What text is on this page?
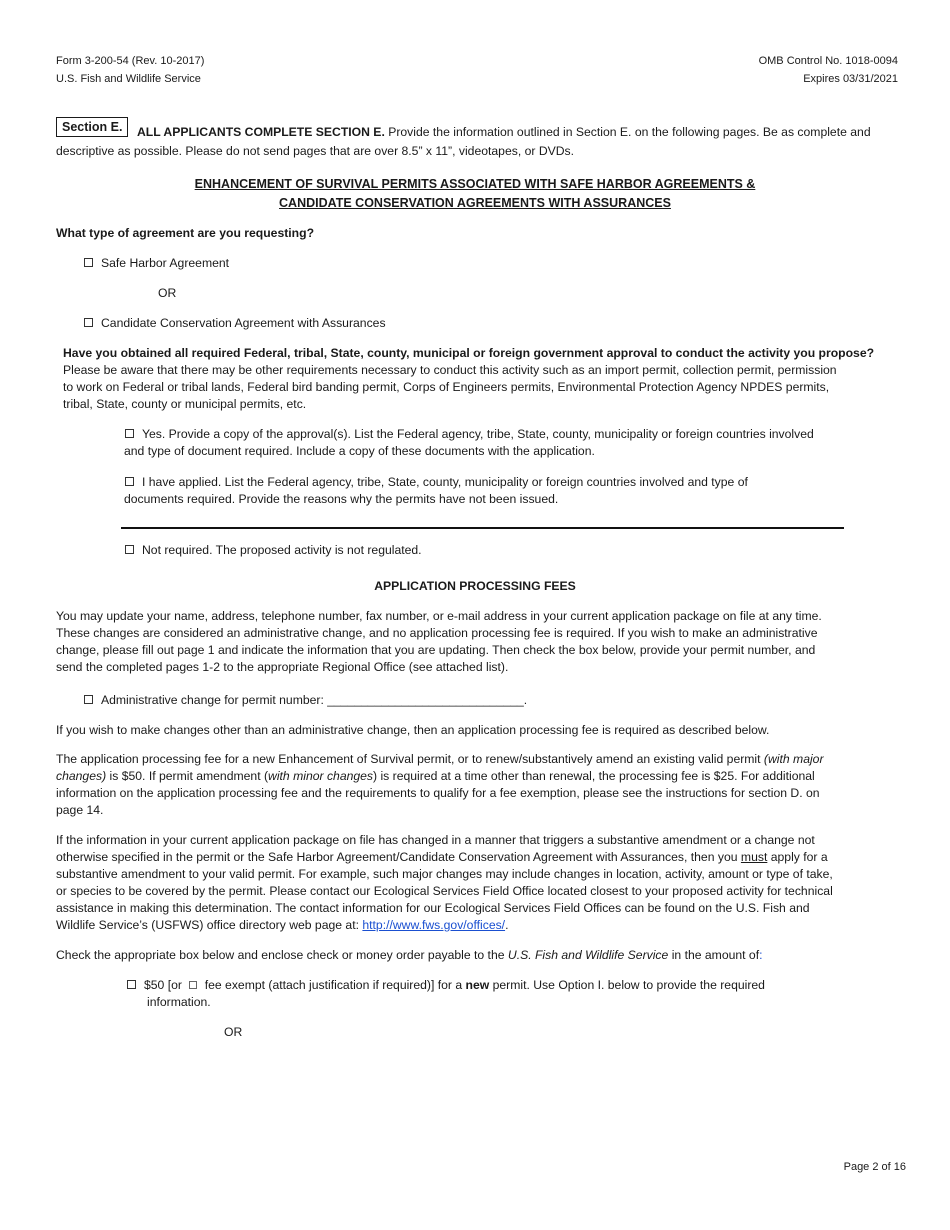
Form 3-200-54 (Rev. 10-2017)
U.S. Fish and Wildlife Service
OMB Control No. 1018-0094
Expires 03/31/2021
Section E.	ALL APPLICANTS COMPLETE SECTION E. Provide the information outlined in Section E. on the following pages. Be as complete and
descriptive as possible. Please do not send pages that are over 8.5” x 11”, videotapes, or DVDs.
ENHANCEMENT OF SURVIVAL PERMITS ASSOCIATED WITH SAFE HARBOR AGREEMENTS &
CANDIDATE CONSERVATION AGREEMENTS WITH ASSURANCES
What type of agreement are you requesting?
Safe Harbor Agreement
OR
Candidate Conservation Agreement with Assurances
Have you obtained all required Federal, tribal, State, county, municipal or foreign government approval to conduct the activity you propose?
Please be aware that there may be other requirements necessary to conduct this activity such as an import permit, collection permit, permission
to work on Federal or tribal lands, Federal bird banding permit, Corps of Engineers permits, Environmental Protection Agency NPDES permits,
tribal, State, county or municipal permits, etc.
Yes. Provide a copy of the approval(s). List the Federal agency, tribe, State, county, municipality or foreign countries involved
and type of document required. Include a copy of these documents with the application.
I have applied. List the Federal agency, tribe, State, county, municipality or foreign countries involved and type of
documents required. Provide the reasons why the permits have not been issued.
Not required. The proposed activity is not regulated.
APPLICATION PROCESSING FEES
You may update your name, address, telephone number, fax number, or e-mail address in your current application package on file at any time.
These changes are considered an administrative change, and no application processing fee is required. If you wish to make an administrative
change, please fill out page 1 and indicate the information that you are updating. Then check the box below, provide your permit number, and
send the completed pages 1-2 to the appropriate Regional Office (see attached list).
Administrative change for permit number: _____________________________.
If you wish to make changes other than an administrative change, then an application processing fee is required as described below.
The application processing fee for a new Enhancement of Survival permit, or to renew/substantively amend an existing valid permit (with major
changes) is $50. If permit amendment (with minor changes) is required at a time other than renewal, the processing fee is $25. For additional
information on the application processing fee and the requirements to qualify for a fee exemption, please see the instructions for section D. on
page 14.
If the information in your current application package on file has changed in a manner that triggers a substantive amendment or a change not
otherwise specified in the permit or the Safe Harbor Agreement/Candidate Conservation Agreement with Assurances, then you must apply for a
substantive amendment to your valid permit. For example, such major changes may include changes in location, activity, amount or type of take,
or species to be covered by the permit. Please contact our Ecological Services Field Office located closest to your proposed activity for technical
assistance in making this determination. The contact information for our Ecological Services Field Offices can be found on the U.S. Fish and
Wildlife Service’s (USFWS) office directory web page at: http://www.fws.gov/offices/.
Check the appropriate box below and enclose check or money order payable to the U.S. Fish and Wildlife Service in the amount of:
$50 [or  fee exempt (attach justification if required)] for a new permit. Use Option I. below to provide the required
information.
OR
Page 2 of 16
